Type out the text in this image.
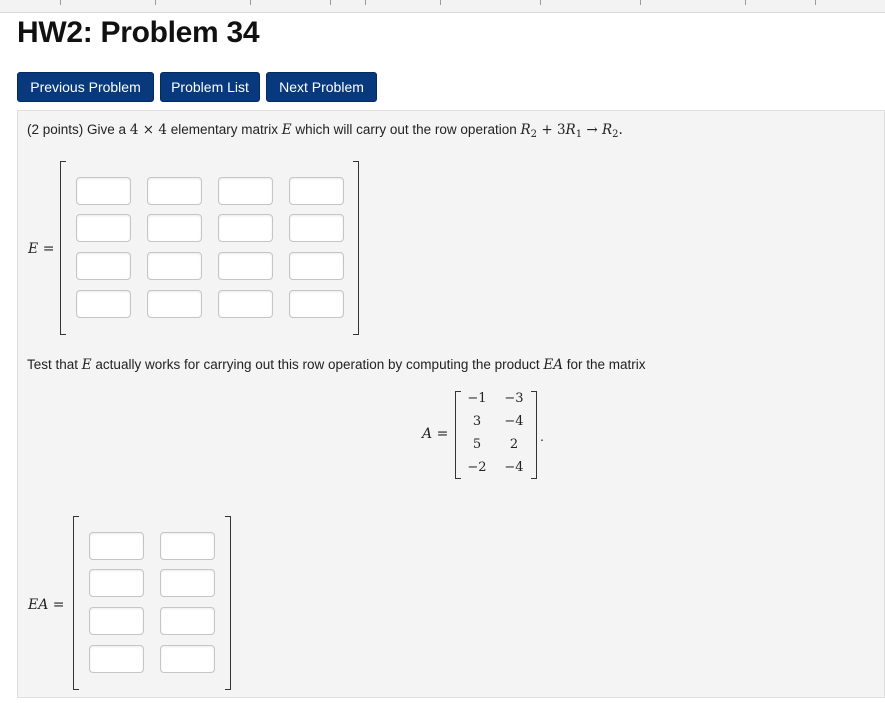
HW2: Problem 34
Previous Problem	Problem List	Next Problem
(2 points) Give a 4 × 4 elementary matrix E which will carry out the row operation $R_2 + 3R_1 \to R_2$.
E =
Test that E actually works for carrying out this row operation by computing the product EA for the matrix
A =
−1 −3
3	−4
5	2
−2 −4
.
EA =
